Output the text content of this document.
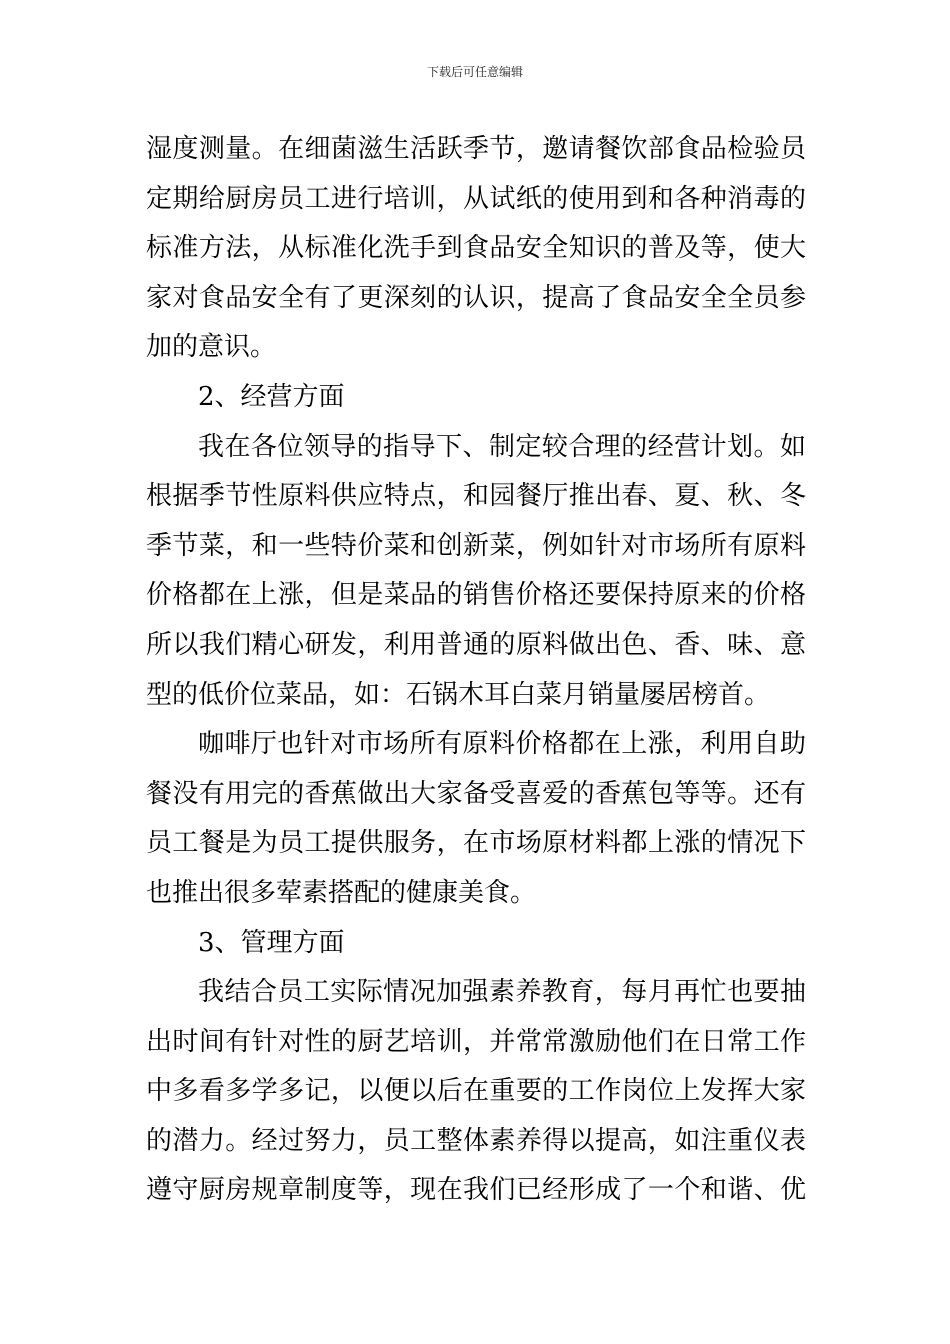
下载后可任意编辑
湿度测量。在细菌滋生活跃季节，邀请餐饮部食品检验员
定期给厨房员工进行培训，从试纸的使用到和各种消毒的
标准方法，从标准化洗手到食品安全知识的普及等，使大
家对食品安全有了更深刻的认识，提高了食品安全全员参
加的意识。
2、经营方面
我在各位领导的指导下、制定较合理的经营计划。如
根据季节性原料供应特点，和园餐厅推出春、夏、秋、冬
季节菜，和一些特价菜和创新菜，例如针对市场所有原料
价格都在上涨，但是菜品的销售价格还要保持原来的价格
所以我们精心研发，利用普通的原料做出色、香、味、意
型的低价位菜品，如：石锅木耳白菜月销量屡居榜首。
咖啡厅也针对市场所有原料价格都在上涨，利用自助
餐没有用完的香蕉做出大家备受喜爱的香蕉包等等。还有
员工餐是为员工提供服务，在市场原材料都上涨的情况下
也推出很多荤素搭配的健康美食。
3、管理方面
我结合员工实际情况加强素养教育，每月再忙也要抽
出时间有针对性的厨艺培训，并常常激励他们在日常工作
中多看多学多记，以便以后在重要的工作岗位上发挥大家
的潜力。经过努力，员工整体素养得以提高，如注重仪表
遵守厨房规章制度等，现在我们已经形成了一个和谐、优
